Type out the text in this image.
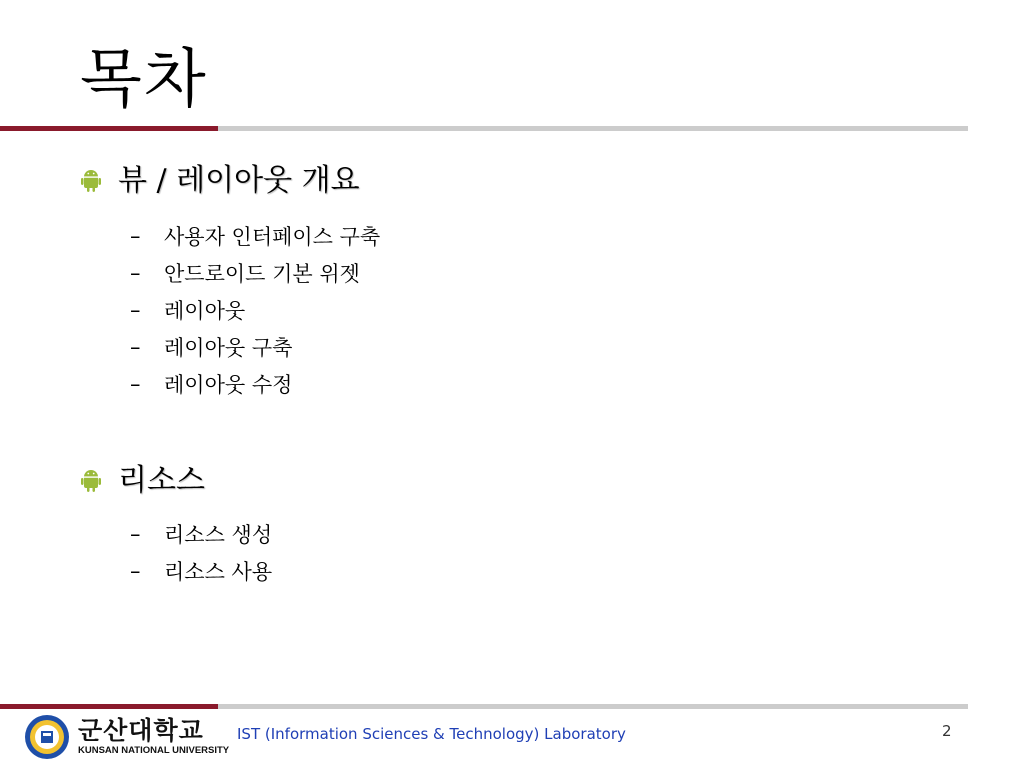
목차
뷰 / 레이아웃 개요
–	사용자 인터페이스 구축
–	안드로이드 기본 위젯
–	레이아웃
–	레이아웃 구축
–	레이아웃 수정
리소스
–	리소스 생성
–	리소스 사용
군산대학교
KUNSAN NATIONAL UNIVERSITY
IST (Information Sciences & Technology) Laboratory	2
